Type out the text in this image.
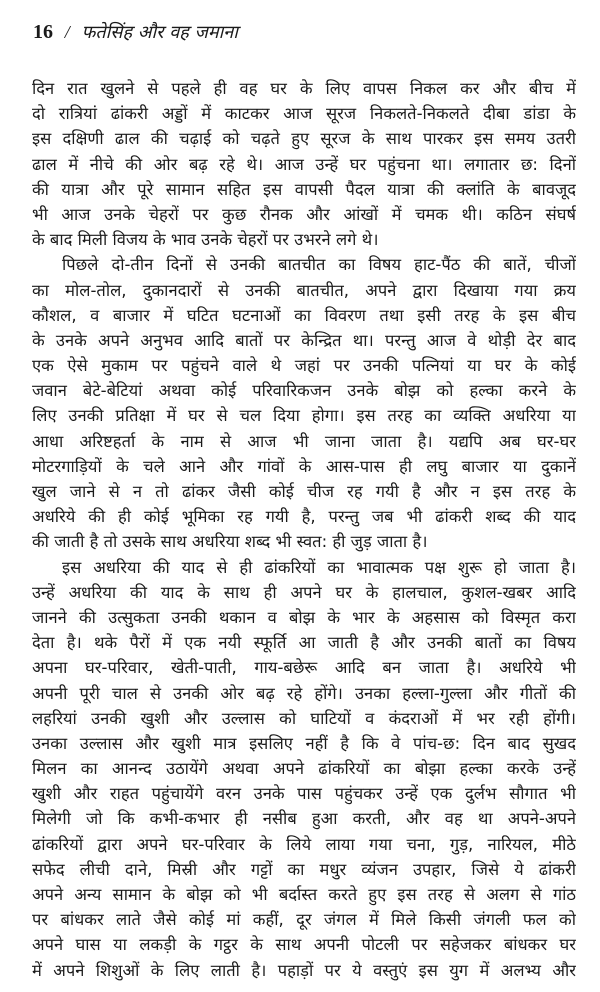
16 / फतेसिंह और वह जमाना
दिन रात खुलने से पहले ही वह घर के लिए वापस निकल कर और बीच में
दो रात्रियां ढांकरी अड्डों में काटकर आज सूरज निकलते-निकलते दीबा डांडा के
इस दक्षिणी ढाल की चढ़ाई को चढ़ते हुए सूरज के साथ पारकर इस समय उतरी
ढाल में नीचे की ओर बढ़ रहे थे। आज उन्हें घर पहुंचना था। लगातार छ: दिनों
की यात्रा और पूरे सामान सहित इस वापसी पैदल यात्रा की क्लांति के बावजूद
भी आज उनके चेहरों पर कुछ रौनक और आंखों में चमक थी। कठिन संघर्ष
के बाद मिली विजय के भाव उनके चेहरों पर उभरने लगे थे।
पिछले दो-तीन दिनों से उनकी बातचीत का विषय हाट-पैंठ की बातें, चीजों
का मोल-तोल, दुकानदारों से उनकी बातचीत, अपने द्वारा दिखाया गया क्रय
कौशल, व बाजार में घटित घटनाओं का विवरण तथा इसी तरह के इस बीच
के उनके अपने अनुभव आदि बातों पर केन्द्रित था। परन्तु आज वे थोड़ी देर बाद
एक ऐसे मुकाम पर पहुंचने वाले थे जहां पर उनकी पत्नियां या घर के कोई
जवान बेटे-बेटियां अथवा कोई परिवारिकजन उनके बोझ को हल्का करने के
लिए उनकी प्रतिक्षा में घर से चल दिया होगा। इस तरह का व्यक्ति अधरिया या
आधा अरिष्टहर्ता के नाम से आज भी जाना जाता है। यद्यपि अब घर-घर
मोटरगाड़ियों के चले आने और गांवों के आस-पास ही लघु बाजार या दुकानें
खुल जाने से न तो ढांकर जैसी कोई चीज रह गयी है और न इस तरह के
अधरिये की ही कोई भूमिका रह गयी है, परन्तु जब भी ढांकरी शब्द की याद
की जाती है तो उसके साथ अधरिया शब्द भी स्वत: ही जुड़ जाता है।
इस अधरिया की याद से ही ढांकरियों का भावात्मक पक्ष शुरू हो जाता है।
उन्हें अधरिया की याद के साथ ही अपने घर के हालचाल, कुशल-खबर आदि
जानने की उत्सुकता उनकी थकान व बोझ के भार के अहसास को विस्मृत करा
देता है। थके पैरों में एक नयी स्फूर्ति आ जाती है और उनकी बातों का विषय
अपना घर-परिवार, खेती-पाती, गाय-बछेरू आदि बन जाता है। अधरिये भी
अपनी पूरी चाल से उनकी ओर बढ़ रहे होंगे। उनका हल्ला-गुल्ला और गीतों की
लहरियां उनकी खुशी और उल्लास को घाटियों व कंदराओं में भर रही होंगी।
उनका उल्लास और खुशी मात्र इसलिए नहीं है कि वे पांच-छ: दिन बाद सुखद
मिलन का आनन्द उठायेंगे अथवा अपने ढांकरियों का बोझा हल्का करके उन्हें
खुशी और राहत पहुंचायेंगे वरन उनके पास पहुंचकर उन्हें एक दुर्लभ सौगात भी
मिलेगी जो कि कभी-कभार ही नसीब हुआ करती, और वह था अपने-अपने
ढांकरियों द्वारा अपने घर-परिवार के लिये लाया गया चना, गुड़, नारियल, मीठे
सफेद लीची दाने, मिस्री और गट्टों का मधुर व्यंजन उपहार, जिसे ये ढांकरी
अपने अन्य सामान के बोझ को भी बर्दास्त करते हुए इस तरह से अलग से गांठ
पर बांधकर लाते जैसे कोई मां कहीं, दूर जंगल में मिले किसी जंगली फल को
अपने घास या लकड़ी के गट्ठर के साथ अपनी पोटली पर सहेजकर बांधकर घर
में अपने शिशुओं के लिए लाती है। पहाड़ों पर ये वस्तुएं इस युग में अलभ्य और
